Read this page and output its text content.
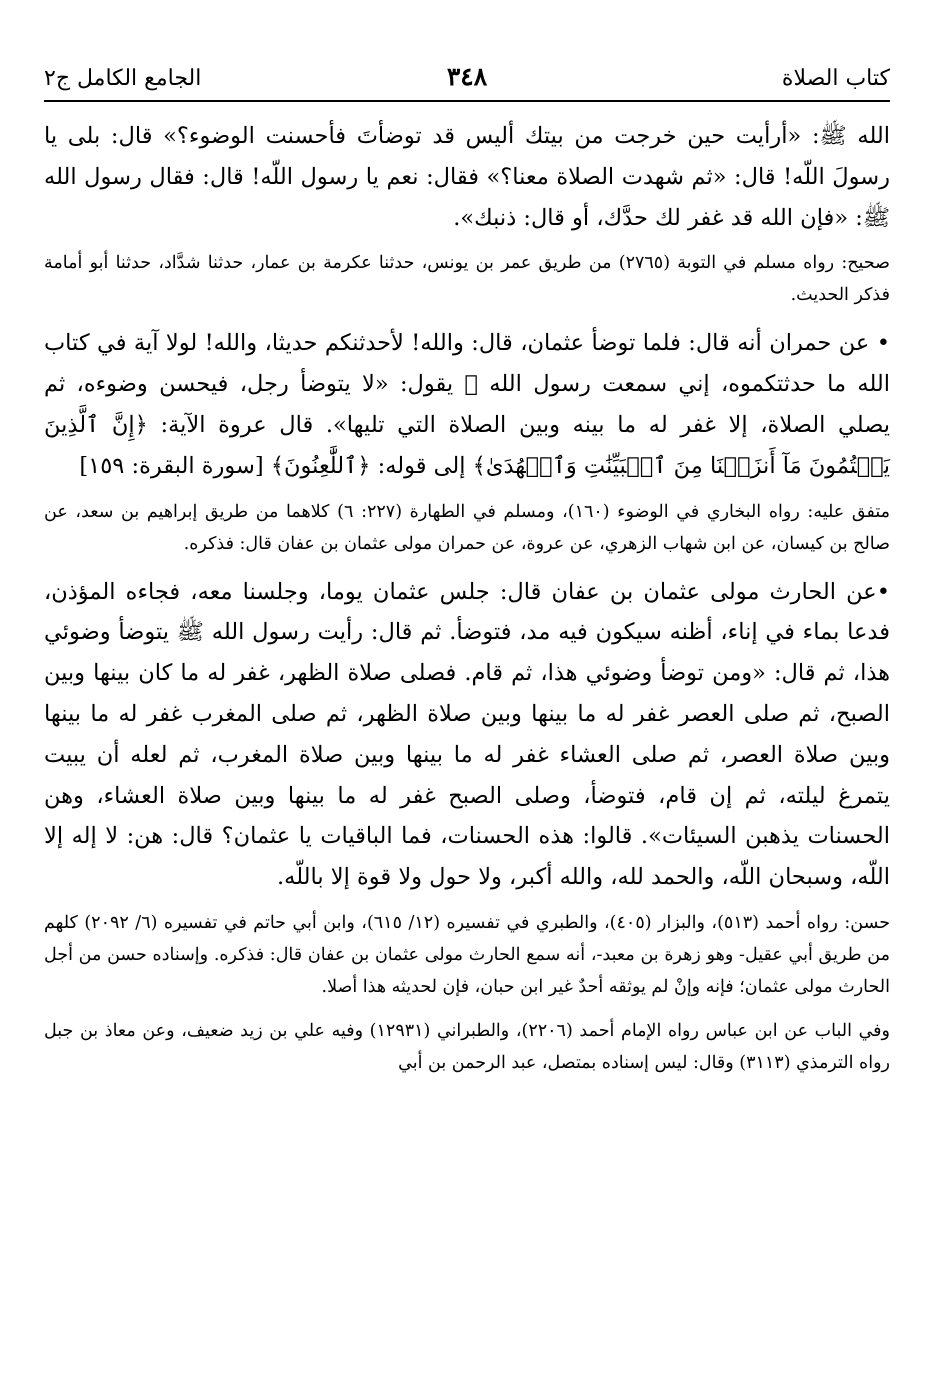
كتاب الصلاة
٣٤٨
الجامع الكامل ج٢

الله ﷺ: «أرأيت حين خرجت من بيتك أليس قد توضأتَ فأحسنت الوضوء؟» قال: بلى يا رسولَ اللّه! قال: «ثم شهدت الصلاة معنا؟» فقال: نعم يا رسول اللّه! قال: فقال رسول الله ﷺ: «فإن الله قد غفر لك حدَّك، أو قال: ذنبك».

صحيح: رواه مسلم في التوبة (٢٧٦٥) من طريق عمر بن يونس، حدثنا عكرمة بن عمار، حدثنا شدَّاد، حدثنا أبو أمامة فذكر الحديث.

• عن حمران أنه قال: فلما توضأ عثمان، قال: والله! لأحدثنكم حديثا، والله! لولا آية في كتاب الله ما حدثتكموه، إني سمعت رسول الله ﷺ يقول: «لا يتوضأ رجل، فيحسن وضوءه، ثم يصلي الصلاة، إلا غفر له ما بينه وبين الصلاة التي تليها». قال عروة الآية: ﴿إِنَّ ٱلَّذِينَ يَكۡتُمُونَ مَآ أَنزَلۡنَا مِنَ ٱلۡبَيِّنَٰتِ وَٱلۡهُدَىٰ﴾ إلى قوله: ﴿ٱللَّٰعِنُونَ﴾ [سورة البقرة: ١٥٩]

متفق عليه: رواه البخاري في الوضوء (١٦٠)، ومسلم في الطهارة (٢٢٧: ٦) كلاهما من طريق إبراهيم بن سعد، عن صالح بن كيسان، عن ابن شهاب الزهري، عن عروة، عن حمران مولى عثمان بن عفان قال: فذكره.

•عن الحارث مولى عثمان بن عفان قال: جلس عثمان يوما، وجلسنا معه، فجاءه المؤذن، فدعا بماء في إناء، أظنه سيكون فيه مد، فتوضأ. ثم قال: رأيت رسول الله ﷺ يتوضأ وضوئي هذا، ثم قال: «ومن توضأ وضوئي هذا، ثم قام. فصلى صلاة الظهر، غفر له ما كان بينها وبين الصبح، ثم صلى العصر غفر له ما بينها وبين صلاة الظهر، ثم صلى المغرب غفر له ما بينها وبين صلاة العصر، ثم صلى العشاء غفر له ما بينها وبين صلاة المغرب، ثم لعله أن يبيت يتمرغ ليلته، ثم إن قام، فتوضأ، وصلى الصبح غفر له ما بينها وبين صلاة العشاء، وهن الحسنات يذهبن السيئات». قالوا: هذه الحسنات، فما الباقيات يا عثمان؟ قال: هن: لا إله إلا اللّه، وسبحان اللّه، والحمد لله، والله أكبر، ولا حول ولا قوة إلا باللّه.

حسن: رواه أحمد (٥١٣)، والبزار (٤٠٥)، والطبري في تفسيره (١٢/ ٦١٥)، وابن أبي حاتم في تفسيره (٦/ ٢٠٩٢) كلهم من طريق أبي عقيل- وهو زهرة بن معبد-، أنه سمع الحارث مولى عثمان بن عفان قال: فذكره. وإسناده حسن من أجل الحارث مولى عثمان؛ فإنه وإنْ لم يوثقه أحدٌ غير ابن حبان، فإن لحديثه هذا أصلا.

وفي الباب عن ابن عباس رواه الإمام أحمد (٢٢٠٦)، والطبراني (١٢٩٣١) وفيه علي بن زيد ضعيف، وعن معاذ بن جبل رواه الترمذي (٣١١٣) وقال: ليس إسناده بمتصل، عبد الرحمن بن أبي
